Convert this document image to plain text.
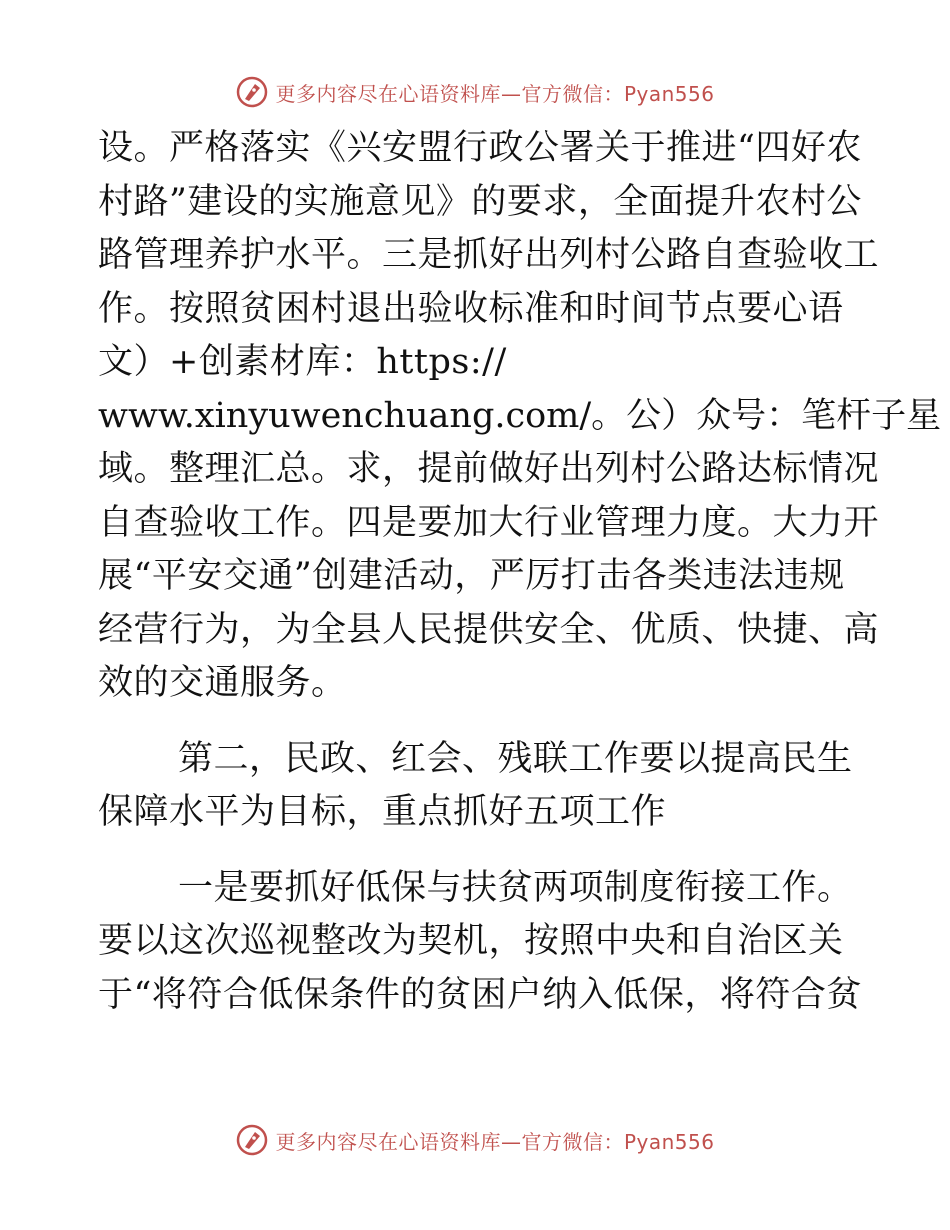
更多内容尽在心语资料库—官方微信：Pyan556
设。严格落实《兴安盟行政公署关于推进“四好农
村路”建设的实施意见》的要求，全面提升农村公
路管理养护水平。三是抓好出列村公路自查验收工
作。按照贫困村退出验收标准和时间节点要心语
文）+创素材库：https://
www.xinyuwenchuang.com/。公）众号：笔杆子星
域。整理汇总。求，提前做好出列村公路达标情况
自查验收工作。四是要加大行业管理力度。大力开
展“平安交通”创建活动，严厉打击各类违法违规
经营行为，为全县人民提供安全、优质、快捷、高
效的交通服务。
第二，民政、红会、残联工作要以提高民生
保障水平为目标，重点抓好五项工作
一是要抓好低保与扶贫两项制度衔接工作。
要以这次巡视整改为契机，按照中央和自治区关
于“将符合低保条件的贫困户纳入低保，将符合贫
更多内容尽在心语资料库—官方微信：Pyan556
